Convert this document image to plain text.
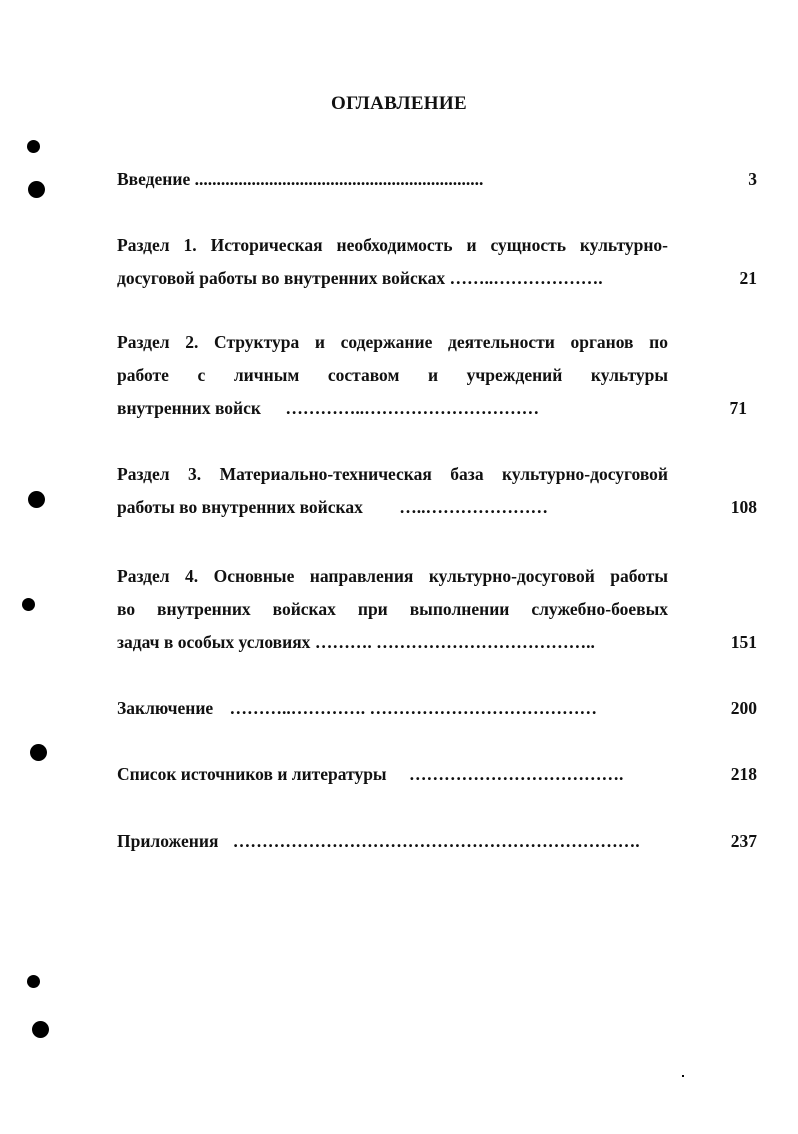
ОГЛАВЛЕНИЕ
Введение ..................................................................	3
Раздел 1. Историческая необходимость и сущность культурно-
досуговой работы во внутренних войсках ……..……………….	21
Раздел 2. Структура и содержание деятельности органов по
работе с личным составом и учреждений культуры
внутренних войск …………..…………………………	71
Раздел 3. Материально-техническая база культурно-досуговой
работы во внутренних войсках …..…………………	108
Раздел 4. Основные направления культурно-досуговой работы
во внутренних войсках при выполнении служебно-боевых
задач в особых условиях ………. ………………………………..	151
Заключение ………..…………. …………………………………	200
Список источников и литературы ……………………………….	218
Приложения …………………………………………………………….	237
